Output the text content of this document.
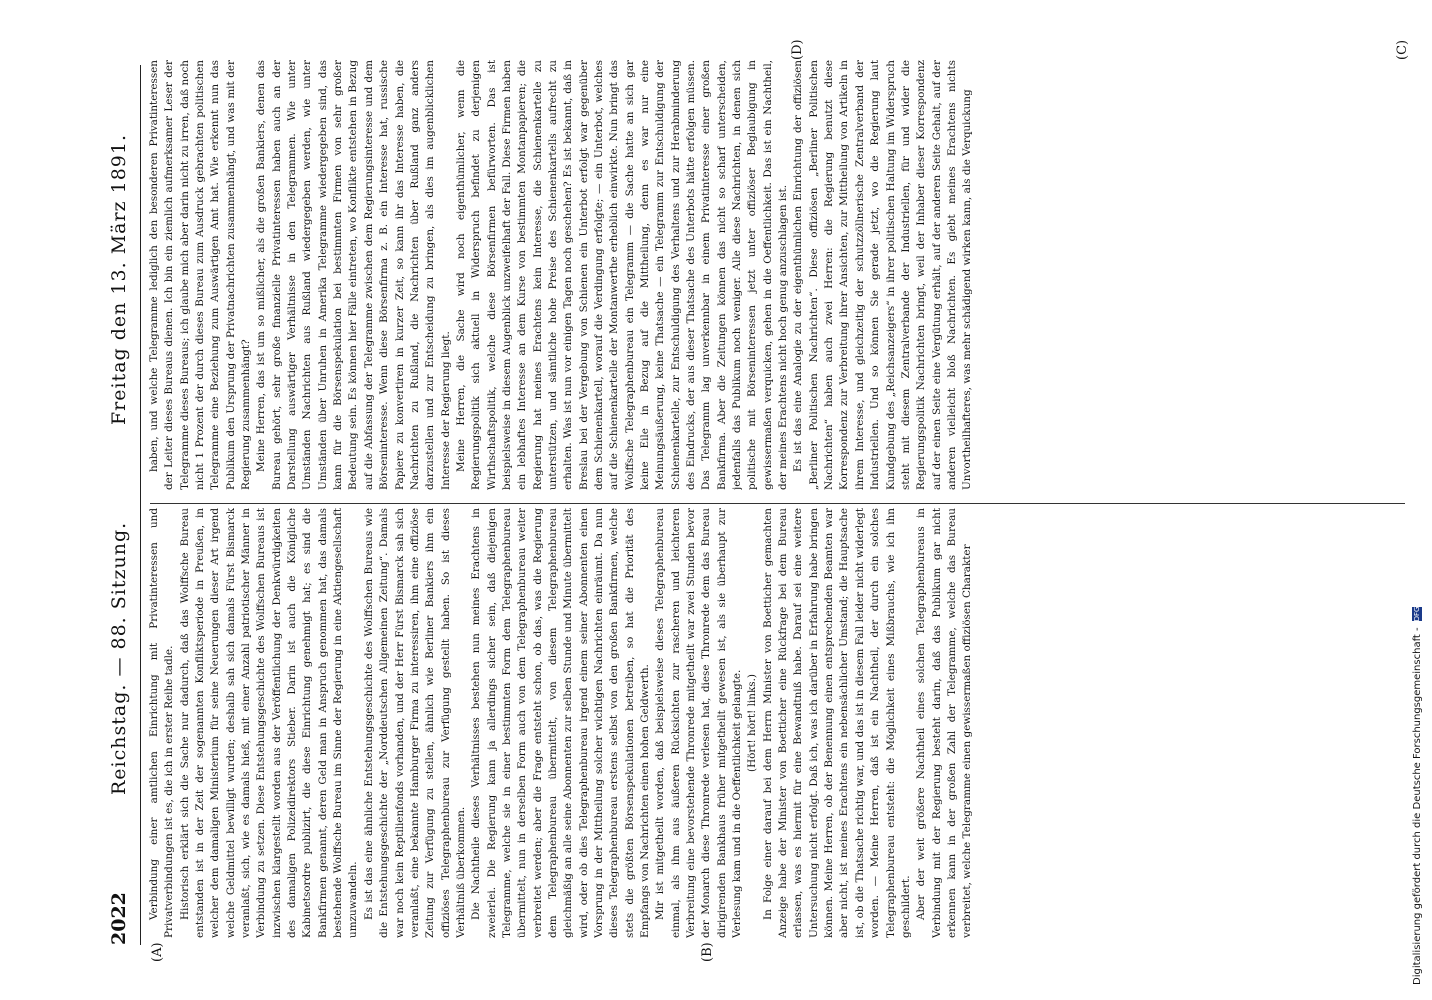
2022
Reichstag. — 88. Sitzung.
Freitag den 13. März 1891.
(A)	(B)
(C)
(D)

Verbindung einer amtlichen Einrichtung mit Privatinteressen und Privatverbindungen ist es, die ich in erster Reihe tadle. Historisch erklärt sich die Sache nur dadurch, daß das Wolffsche Bureau entstanden ist in der Zeit der sogenannten Konfliktsperiode in Preußen, in welcher dem damaligen Ministerium für seine Neuerungen dieser Art irgend welche Geldmittel bewilligt wurden; deshalb sah sich damals Fürst Bismarck veranlaßt, sich, wie es damals hieß, mit einer Anzahl patriotischer Männer in Verbindung zu setzen. Diese Entstehungsgeschichte des Wolffschen Bureaus ist inzwischen klargestellt worden aus der Veröffentlichung der Denkwürdigkeiten des damaligen Polizeidirektors Stieber. Darin ist auch die Königliche Kabinetsordre publizirt, die diese Einrichtung genehmigt hat; es sind die Bankfirmen genannt, deren Geld man in Anspruch genommen hat, das damals bestehende Wolffsche Bureau im Sinne der Regierung in eine Aktiengesellschaft umzuwandeln. Es ist das eine ähnliche Entstehungsgeschichte des Wolffschen Bureaus wie die Entstehungsgeschichte der „Norddeutschen Allgemeinen Zeitung“. Damals war noch kein Reptilienfonds vorhanden, und der Herr Fürst Bismarck sah sich veranlaßt, eine bekannte Hamburger Firma zu interessiren, ihm eine offiziöse Zeitung zur Verfügung zu stellen, ähnlich wie Berliner Bankiers ihm ein offiziöses Telegraphenbureau zur Verfügung gestellt haben. So ist dieses Verhältniß überkommen. Die Nachtheile dieses Verhältnisses bestehen nun meines Erachtens in zweierlei. Die Regierung kann ja allerdings sicher sein, daß diejenigen Telegramme, welche sie in einer bestimmten Form dem Telegraphenbureau übermittelt, nun in derselben Form auch von dem Telegraphenbureau weiter verbreitet werden; aber die Frage entsteht schon, ob das, was die Regierung dem Telegraphenbureau übermittelt, von diesem Telegraphenbureau gleichmäßig an alle seine Abonnenten zur selben Stunde und Minute übermittelt wird, oder ob dies Telegraphenbureau irgend einem seiner Abonnenten einen Vorsprung in der Mittheilung solcher wichtigen Nachrichten einräumt. Da nun dieses Telegraphenbureau erstens selbst von den großen Bankfirmen, welche stets die größten Börsenspekulationen betreiben, so hat die Priorität des Empfangs von Nachrichten einen hohen Geldwerth. Mir ist mitgetheilt worden, daß beispielsweise dieses Telegraphenbureau einmal, als ihm aus äußeren Rücksichten zur rascheren und leichteren Verbreitung eine bevorstehende Thronrede mitgetheilt war zwei Stunden bevor der Monarch diese Thronrede verlesen hat, diese Thronrede dem das Bureau dirigirenden Bankhaus früher mitgetheilt gewesen ist, als sie überhaupt zur Verlesung kam und in die Oeffentlichkeit gelangte. (Hört! hört! links.) In Folge einer darauf bei dem Herrn Minister von Boetticher gemachten Anzeige habe der Minister von Boetticher eine Rückfrage bei dem Bureau erlassen, was es hiermit für eine Bewandtniß habe. Darauf sei eine weitere Untersuchung nicht erfolgt. Daß ich, was ich darüber in Erfahrung habe bringen können. Meine Herren, ob der Benennung einen entsprechenden Beamten war aber nicht, ist meines Erachtens ein nebensächlicher Umstand; die Hauptsache ist, ob die Thatsache richtig war, und das ist in diesem Fall leider nicht widerlegt worden. — Meine Herren, daß ist ein Nachtheil, der durch ein solches Telegraphenbureau entsteht: die Möglichkeit eines Mißbrauchs, wie ich ihn geschildert. Aber der weit größere Nachtheil eines solchen Telegraphenbureaus in Verbindung mit der Regierung besteht darin, daß das Publikum gar nicht erkennen kann in der großen Zahl der Telegramme, welche das Bureau verbreitet, welche Telegramme einen gewissermaßen offiziösen Charakter

haben, und welche Telegramme lediglich den besonderen Privatinteressen der Leiter dieses Bureaus dienen. Ich bin ein ziemlich aufmerksamer Leser der Telegramme dieses Bureaus; ich glaube mich aber darin nicht zu irren, daß noch nicht 1 Prozent der durch dieses Bureau zum Ausdruck gebrachten politischen Telegramme eine Beziehung zum Auswärtigen Amt hat. Wie erkennt nun das Publikum den Ursprung der Privatnachrichten zusammenhängt, und was mit der Regierung zusammenhängt? Meine Herren, das ist um so mißlicher, als die großen Bankiers, denen das Bureau gehört, sehr große finanzielle Privatinteressen haben auch an der Darstellung auswärtiger Verhältnisse in den Telegrammen. Wie unter Umständen Nachrichten aus Rußland wiedergegeben werden, wie unter Umständen über Unruhen in Amerika Telegramme wiedergegeben sind, das kann für die Börsenspekulation bei bestimmten Firmen von sehr großer Bedeutung sein. Es können hier Fälle eintreten, wo Konflikte entstehen in Bezug auf die Abfassung der Telegramme zwischen dem Regierungsinteresse und dem Börseninteresse. Wenn diese Börsenfirma z. B. ein Interesse hat, russische Papiere zu konvertiren in kurzer Zeit, so kann ihr das Interesse haben, die Nachrichten zu Rußland, die Nachrichten über Rußland ganz anders darzustellen und zur Entscheidung zu bringen, als dies im augenblicklichen Interesse der Regierung liegt. Meine Herren, die Sache wird noch eigenthümlicher, wenn die Regierungspolitik sich aktuell in Widerspruch befindet zu derjenigen Wirthschaftspolitik, welche diese Börsenfirmen befürworten. Das ist beispielsweise in diesem Augenblick unzweifelhaft der Fall. Diese Firmen haben ein lebhaftes Interesse an dem Kurse von bestimmten Montanpapieren; die Regierung hat meines Erachtens kein Interesse, die Schienenkartelle zu unterstützen, und sämtliche hohe Preise des Schienenkartells aufrecht zu erhalten. Was ist nun vor einigen Tagen noch geschehen? Es ist bekannt, daß in Breslau bei der Vergebung von Schienen ein Unterbot erfolgt war gegenüber dem Schienenkartell, worauf die Verdingung erfolgte; — ein Unterbot, welches auf die Schienenkartelle der Montanwerthe erheblich einwirkte. Nun bringt das Wolffsche Telegraphenbureau ein Telegramm — die Sache hatte an sich gar keine Eile in Bezug auf die Mittheilung, denn es war nur eine Meinungsäußerung, keine Thatsache — ein Telegramm zur Entschuldigung der Schienenkartelle, zur Entschuldigung des Verhaltens und zur Herabminderung des Eindrucks, der aus dieser Thatsache des Unterbots hätte erfolgen müssen. Das Telegramm lag unverkennbar in einem Privatinteresse einer großen Bankfirma. Aber die Zeitungen können das nicht so scharf unterscheiden, jedenfalls das Publikum noch weniger. Alle diese Nachrichten, in denen sich politische mit Börseninteressen jetzt unter offiziöser Beglaubigung in gewissermaßen verquicken, gehen in die Oeffentlichkeit. Das ist ein Nachtheil, der meines Erachtens nicht hoch genug anzuschlagen ist. Es ist das eine Analogie zu der eigenthümlichen Einrichtung der offiziösen „Berliner Politischen Nachrichten“. Diese offiziösen „Berliner Politischen Nachrichten“ haben auch zwei Herren: die Regierung benutzt diese Korrespondenz zur Verbreitung ihrer Ansichten, zur Mittheilung von Artikeln in ihrem Interesse, und gleichzeitig der schutzzöllnerische Zentralverband der Industriellen. Und so können Sie gerade jetzt, wo die Regierung laut Kundgebung des „Reichsanzeigers“ in ihrer politischen Haltung im Widerspruch steht mit diesem Zentralverbande der Industriellen, für und wider die Regierungspolitik Nachrichten bringt, weil der Inhaber dieser Korrespondenz auf der einen Seite eine Vergütung erhält, auf der anderen Seite Gehalt, auf der anderen vielleicht bloß Nachrichten. Es giebt meines Erachtens nichts Unvortheilhafteres, was mehr schädigend wirken kann, als die Verquickung

Digitalisierung gefördert durch die Deutsche Forschungsgemeinschaft -DFG
